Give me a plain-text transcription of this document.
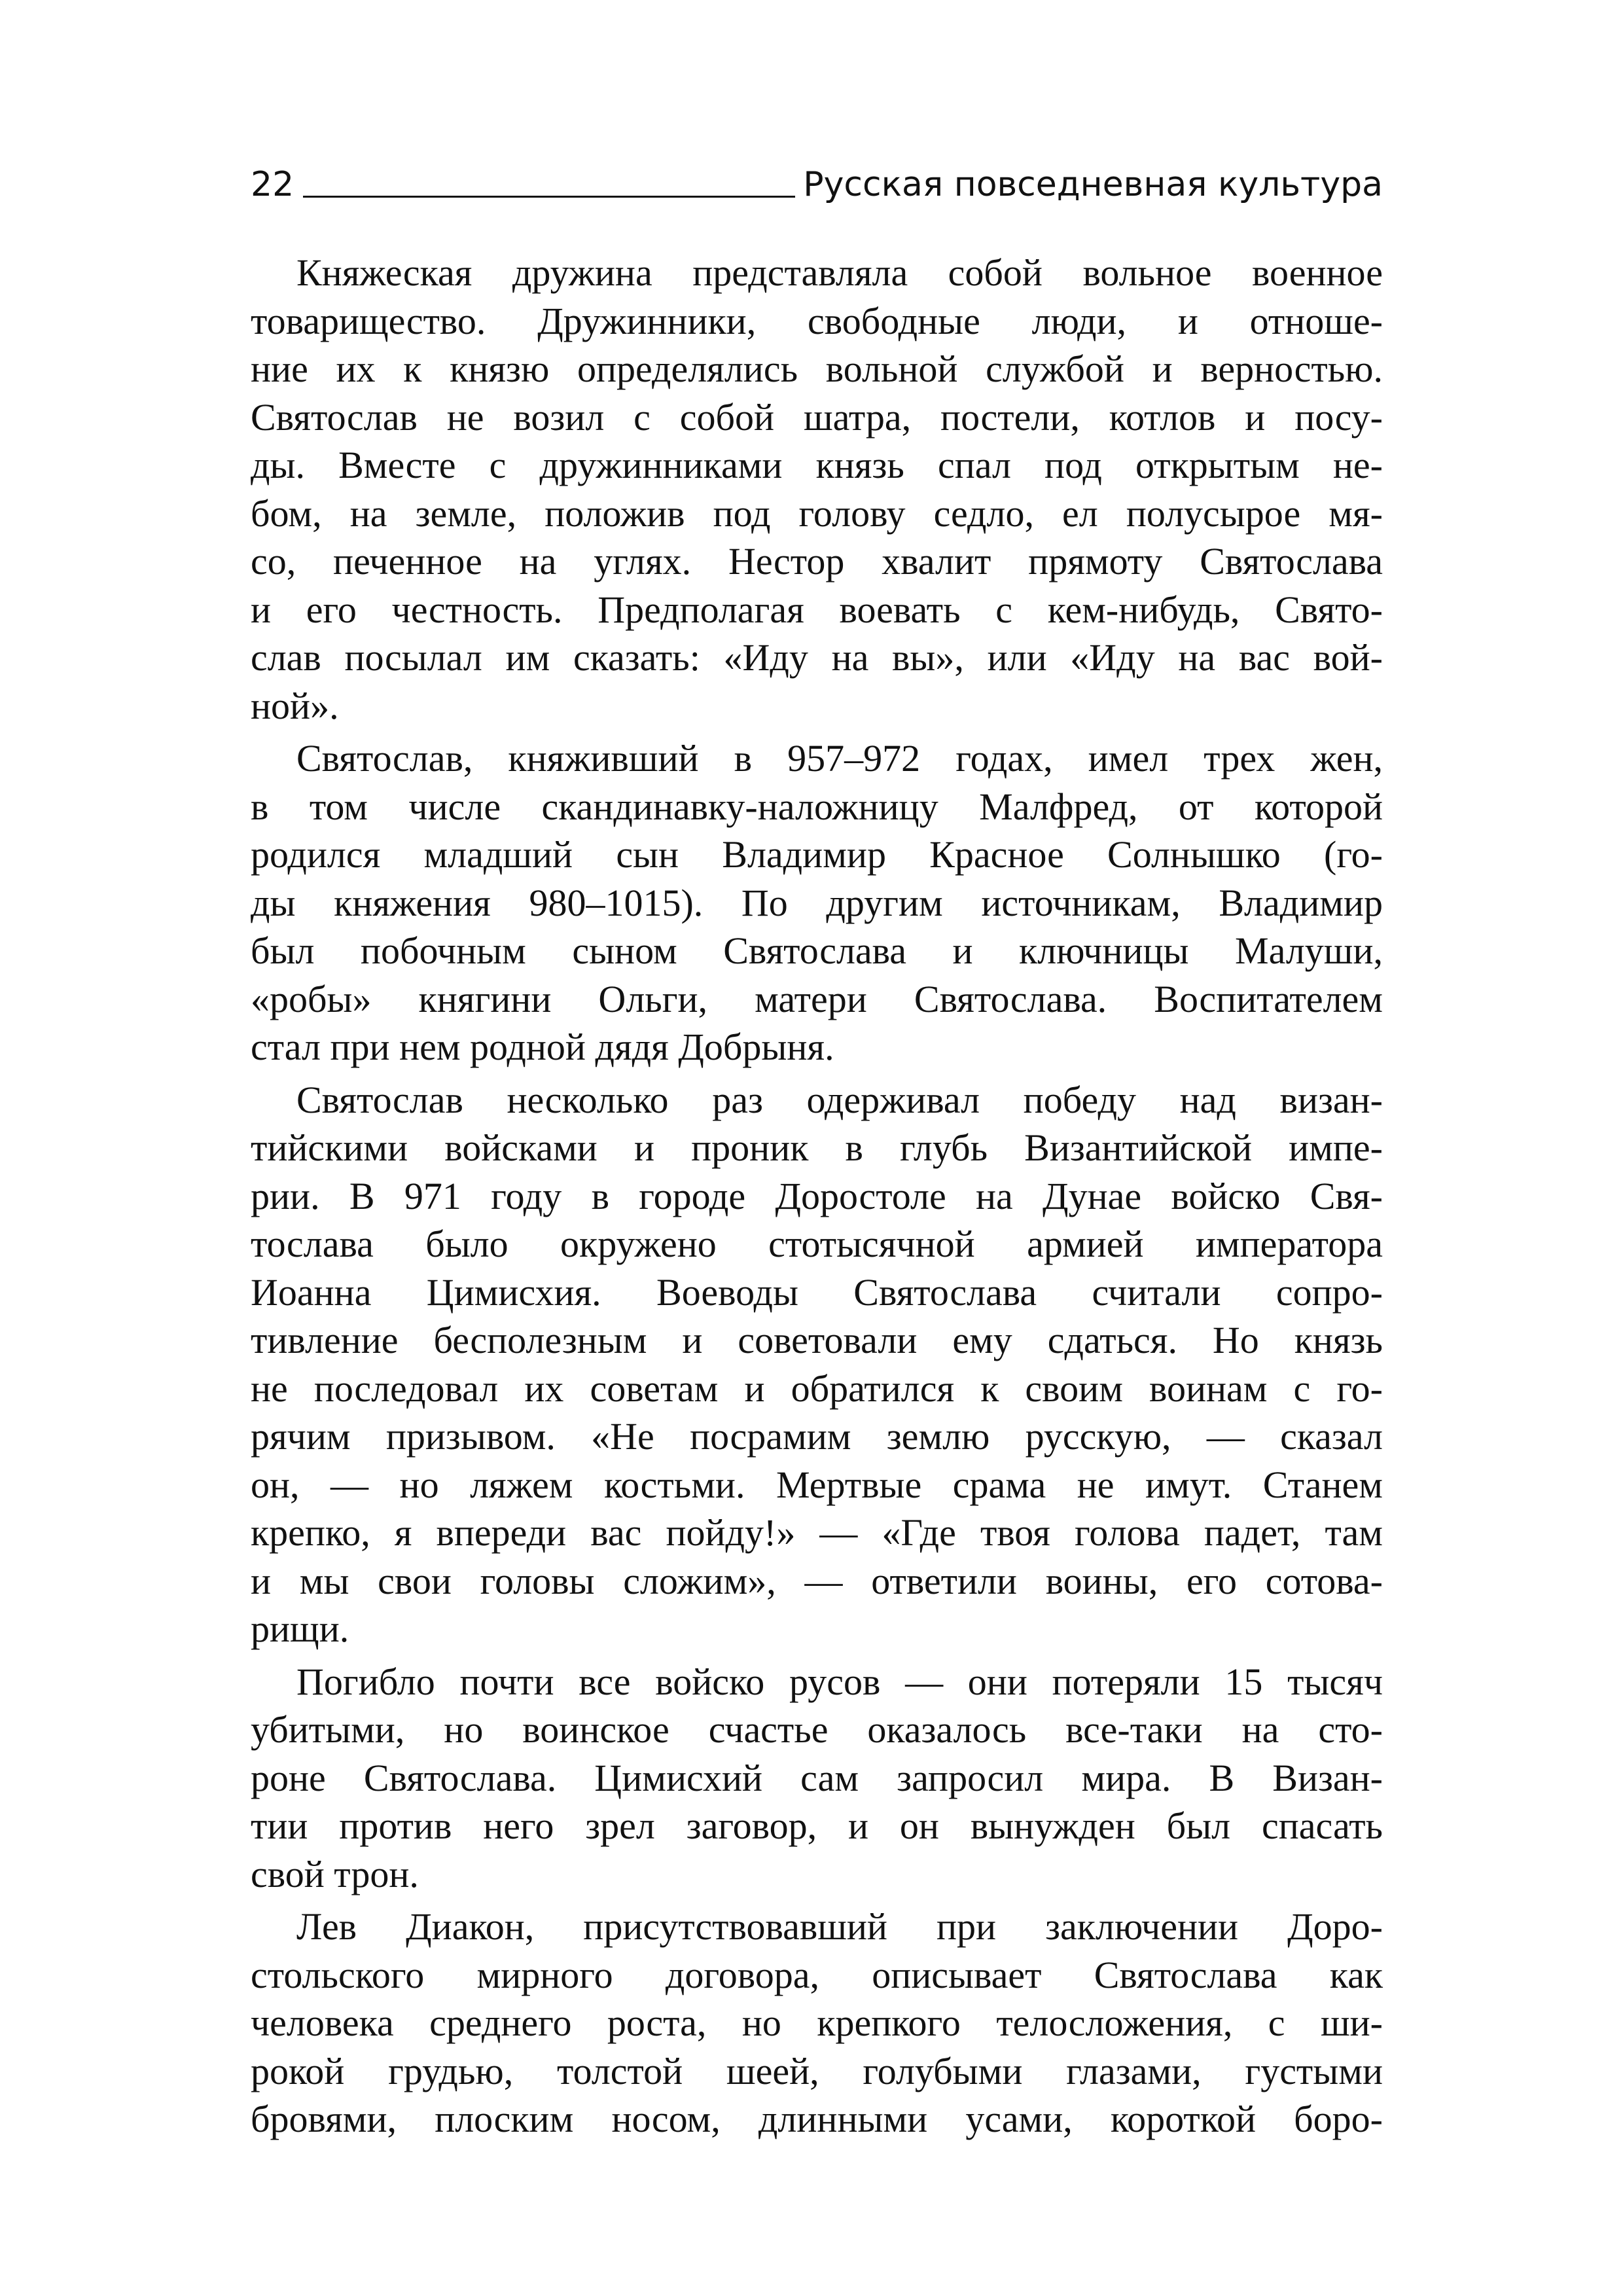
22	Русская повседневная культура
Княжеская дружина представляла собой вольное военное
товарищество. Дружинники, свободные люди, и отноше-
ние их к князю определялись вольной службой и верностью.
Святослав не возил с собой шатра, постели, котлов и посу-
ды. Вместе с дружинниками князь спал под открытым не-
бом, на земле, положив под голову седло, ел полусырое мя-
со, печенное на углях. Нестор хвалит прямоту Святослава
и его честность. Предполагая воевать с кем-нибудь, Свято-
слав посылал им сказать: «Иду на вы», или «Иду на вас вой-
ной».
Святослав, княживший в 957–972 годах, имел трех жен,
в том числе скандинавку-наложницу Малфред, от которой
родился младший сын Владимир Красное Солнышко (го-
ды княжения 980–1015). По другим источникам, Владимир
был побочным сыном Святослава и ключницы Малуши,
«робы» княгини Ольги, матери Святослава. Воспитателем
стал при нем родной дядя Добрыня.
Святослав несколько раз одерживал победу над визан-
тийскими войсками и проник в глубь Византийской импе-
рии. В 971 году в городе Доростоле на Дунае войско Свя-
тослава было окружено стотысячной армией императора
Иоанна Цимисхия. Воеводы Святослава считали сопро-
тивление бесполезным и советовали ему сдаться. Но князь
не последовал их советам и обратился к своим воинам с го-
рячим призывом. «Не посрамим землю русскую, — сказал
он, — но ляжем костьми. Мертвые срама не имут. Станем
крепко, я впереди вас пойду!» — «Где твоя голова падет, там
и мы свои головы сложим», — ответили воины, его сотова-
рищи.
Погибло почти все войско русов — они потеряли 15 тысяч
убитыми, но воинское счастье оказалось все-таки на сто-
роне Святослава. Цимисхий сам запросил мира. В Визан-
тии против него зрел заговор, и он вынужден был спасать
свой трон.
Лев Диакон, присутствовавший при заключении Доро-
стольского мирного договора, описывает Святослава как
человека среднего роста, но крепкого телосложения, с ши-
рокой грудью, толстой шеей, голубыми глазами, густыми
бровями, плоским носом, длинными усами, короткой боро-
